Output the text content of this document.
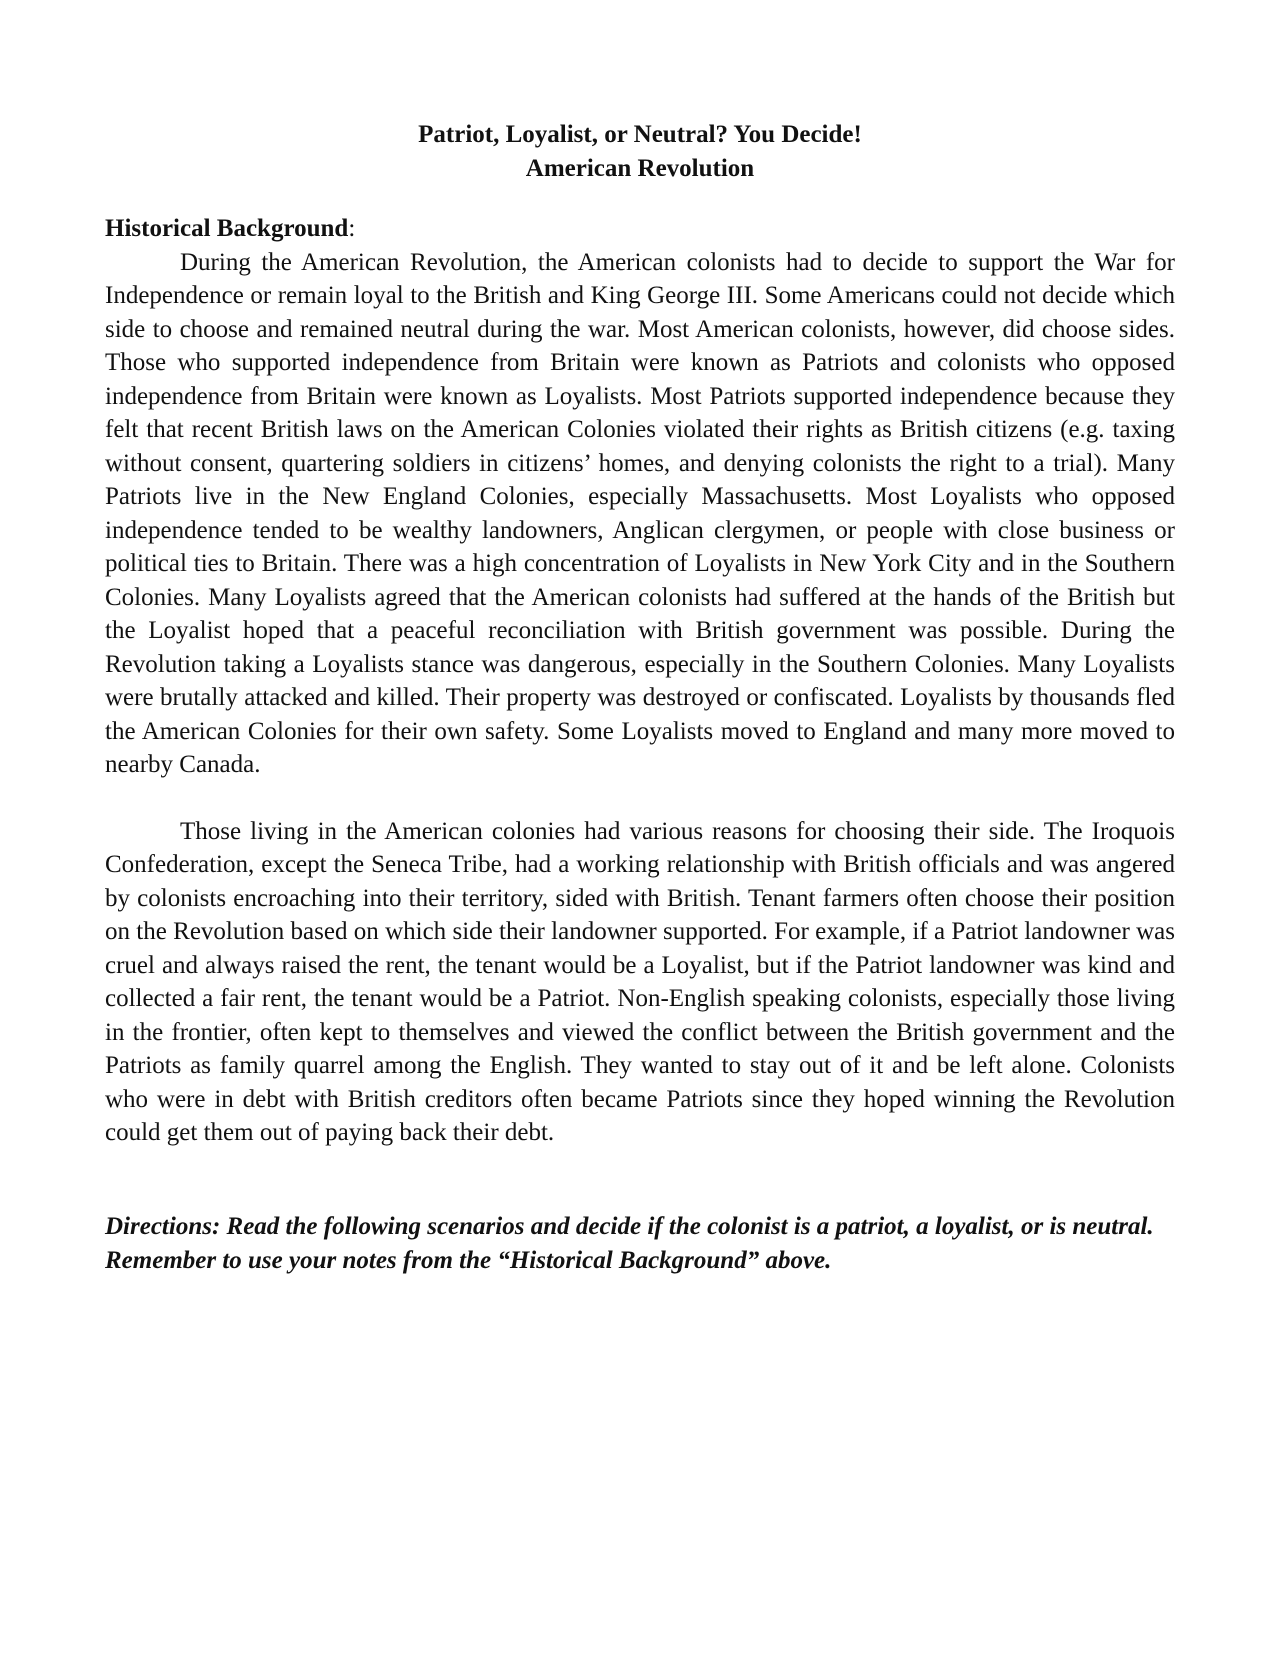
Patriot, Loyalist, or Neutral? You Decide!
American Revolution
Historical Background:

During the American Revolution, the American colonists had to decide to support the War for Independence or remain loyal to the British and King George III. Some Americans could not decide which side to choose and remained neutral during the war. Most American colonists, however, did choose sides. Those who supported independence from Britain were known as Patriots and colonists who opposed independence from Britain were known as Loyalists. Most Patriots supported independence because they felt that recent British laws on the American Colonies violated their rights as British citizens (e.g. taxing without consent, quartering soldiers in citizens’ homes, and denying colonists the right to a trial). Many Patriots live in the New England Colonies, especially Massachusetts. Most Loyalists who opposed independence tended to be wealthy landowners, Anglican clergymen, or people with close business or political ties to Britain. There was a high concentration of Loyalists in New York City and in the Southern Colonies. Many Loyalists agreed that the American colonists had suffered at the hands of the British but the Loyalist hoped that a peaceful reconciliation with British government was possible. During the Revolution taking a Loyalists stance was dangerous, especially in the Southern Colonies. Many Loyalists were brutally attacked and killed. Their property was destroyed or confiscated. Loyalists by thousands fled the American Colonies for their own safety. Some Loyalists moved to England and many more moved to nearby Canada.

Those living in the American colonies had various reasons for choosing their side. The Iroquois Confederation, except the Seneca Tribe, had a working relationship with British officials and was angered by colonists encroaching into their territory, sided with British. Tenant farmers often choose their position on the Revolution based on which side their landowner supported. For example, if a Patriot landowner was cruel and always raised the rent, the tenant would be a Loyalist, but if the Patriot landowner was kind and collected a fair rent, the tenant would be a Patriot. Non-English speaking colonists, especially those living in the frontier, often kept to themselves and viewed the conflict between the British government and the Patriots as family quarrel among the English. They wanted to stay out of it and be left alone. Colonists who were in debt with British creditors often became Patriots since they hoped winning the Revolution could get them out of paying back their debt.

Directions: Read the following scenarios and decide if the colonist is a patriot, a loyalist, or is neutral. Remember to use your notes from the “Historical Background” above.
